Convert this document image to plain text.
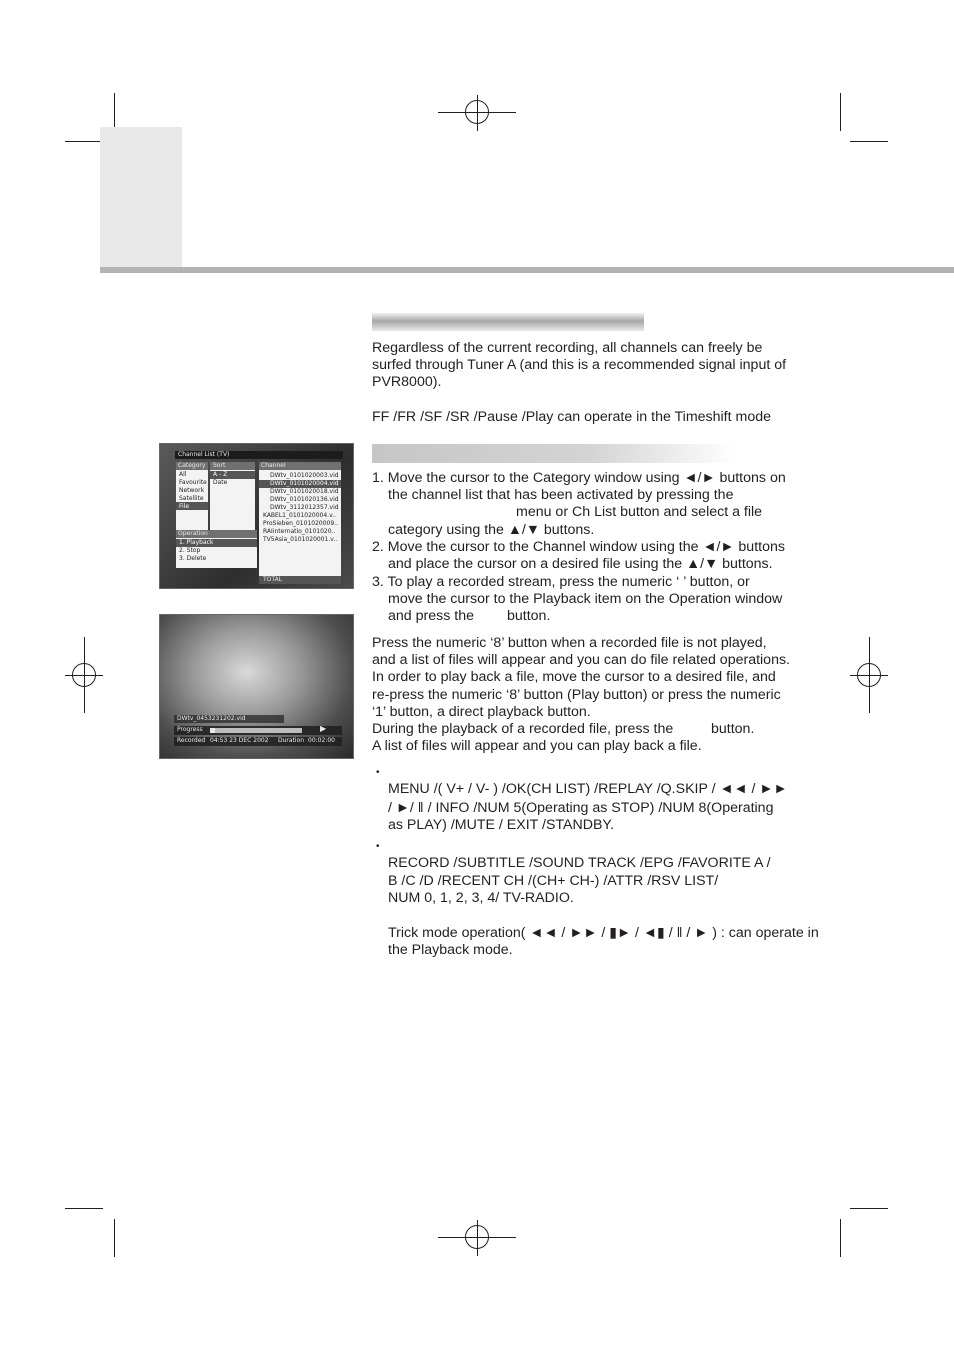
Regardless of the current recording, all channels can freely be
surfed through Tuner A (and this is a recommended signal input of
PVR8000).
FF /FR /SF /SR /Pause /Play can operate in the Timeshift mode
1. Move the cursor to the Category window using ◄/► buttons on
the channel list that has been activated by pressing the
menu or Ch List button and select a file
category using the ▲/▼ buttons.
2. Move the cursor to the Channel window using the ◄/► buttons
and place the cursor on a desired file using the ▲/▼ buttons.
3. To play a recorded stream, press the numeric ‘ ’ button, or
move the cursor to the Playback item on the Operation window
and press the button.
Press the numeric ‘8’ button when a recorded file is not played,
and a list of files will appear and you can do file related operations.
In order to play back a file, move the cursor to a desired file, and
re-press the numeric ‘8’ button (Play button) or press the numeric
‘1’ button, a direct playback button.
During the playback of a recorded file, press the	button.
A list of files will appear and you can play back a file.
•
MENU /( V+ / V- ) /OK(CH LIST) /REPLAY /Q.SKIP / ◄◄ / ►►
/ ►/ ‖ / INFO /NUM 5(Operating as STOP) /NUM 8(Operating
as PLAY) /MUTE / EXIT /STANDBY.
•
RECORD /SUBTITLE /SOUND TRACK /EPG /FAVORITE A /
B /C /D /RECENT CH /(CH+ CH-) /ATTR /RSV LIST/
NUM 0, 1, 2, 3, 4/ TV-RADIO.
Trick mode operation( ◄◄ / ►► / ▮► / ◄▮ / ‖ / ► ) : can operate in
the Playback mode.
Channel List (TV)
Category
All
Favourite
Network
Satellite
File
Sort
A - Z
Date
Channel
DWtv_0101020003.vid
DWtv_0101020004.vid
DWtv_0101020018.vid
DWtv_0101020136.vid
DWtv_3112012357.vid
KABEL1_0101020004.v..
ProSieben_0101020009..
RAIinternatio_0101020..
TV5Asia_0101020001.v..
Operation
1. Playback
2. Stop
3. Delete
TOTAL
DWtv_0453231202.vid
Progress	▶
Recorded 04:53 23 DEC 2002 Duration 00:02:00
